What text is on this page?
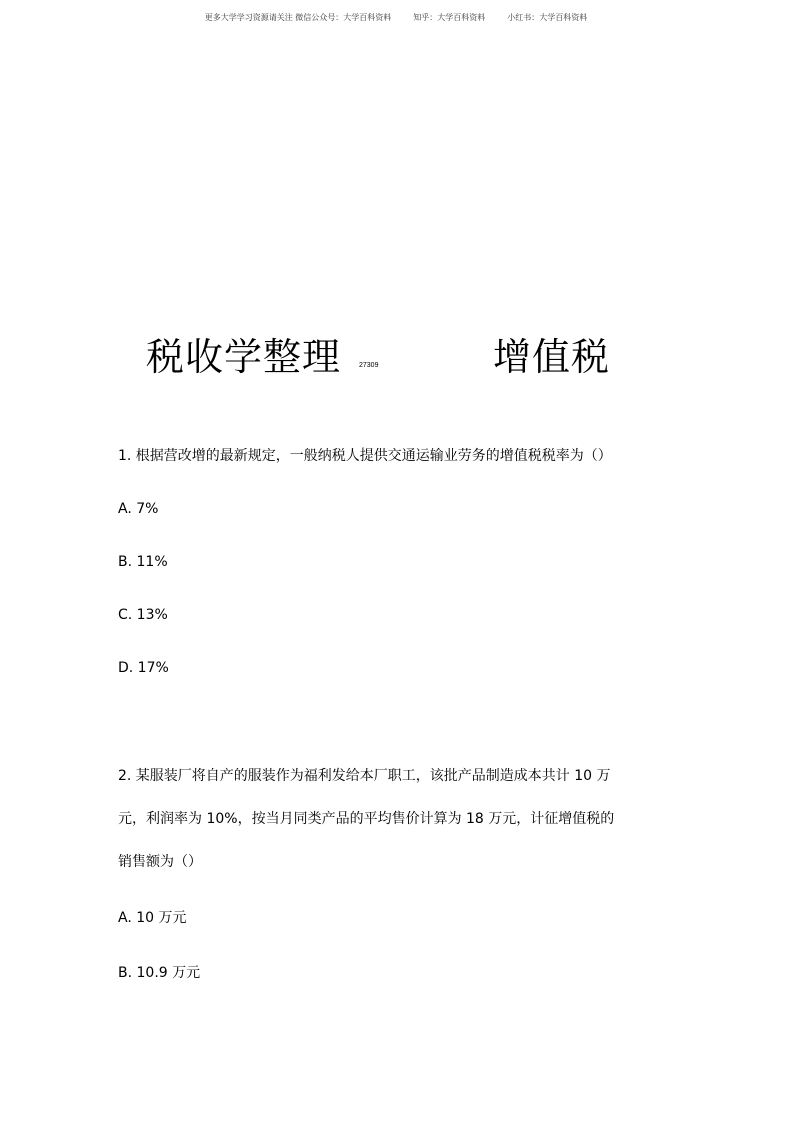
更多大学学习资源请关注 微信公众号：大学百科资料	知乎：大学百科资料	小红书：大学百科资料
税收学整理	27309	增值税
1. 根据营改增的最新规定，一般纳税人提供交通运输业劳务的增值税税率为（）
A. 7%
B. 11%
C. 13%
D. 17%
2. 某服装厂将自产的服装作为福利发给本厂职工，该批产品制造成本共计 10 万
元，利润率为 10%，按当月同类产品的平均售价计算为 18 万元，计征增值税的
销售额为（）
A. 10 万元
B. 10.9 万元
